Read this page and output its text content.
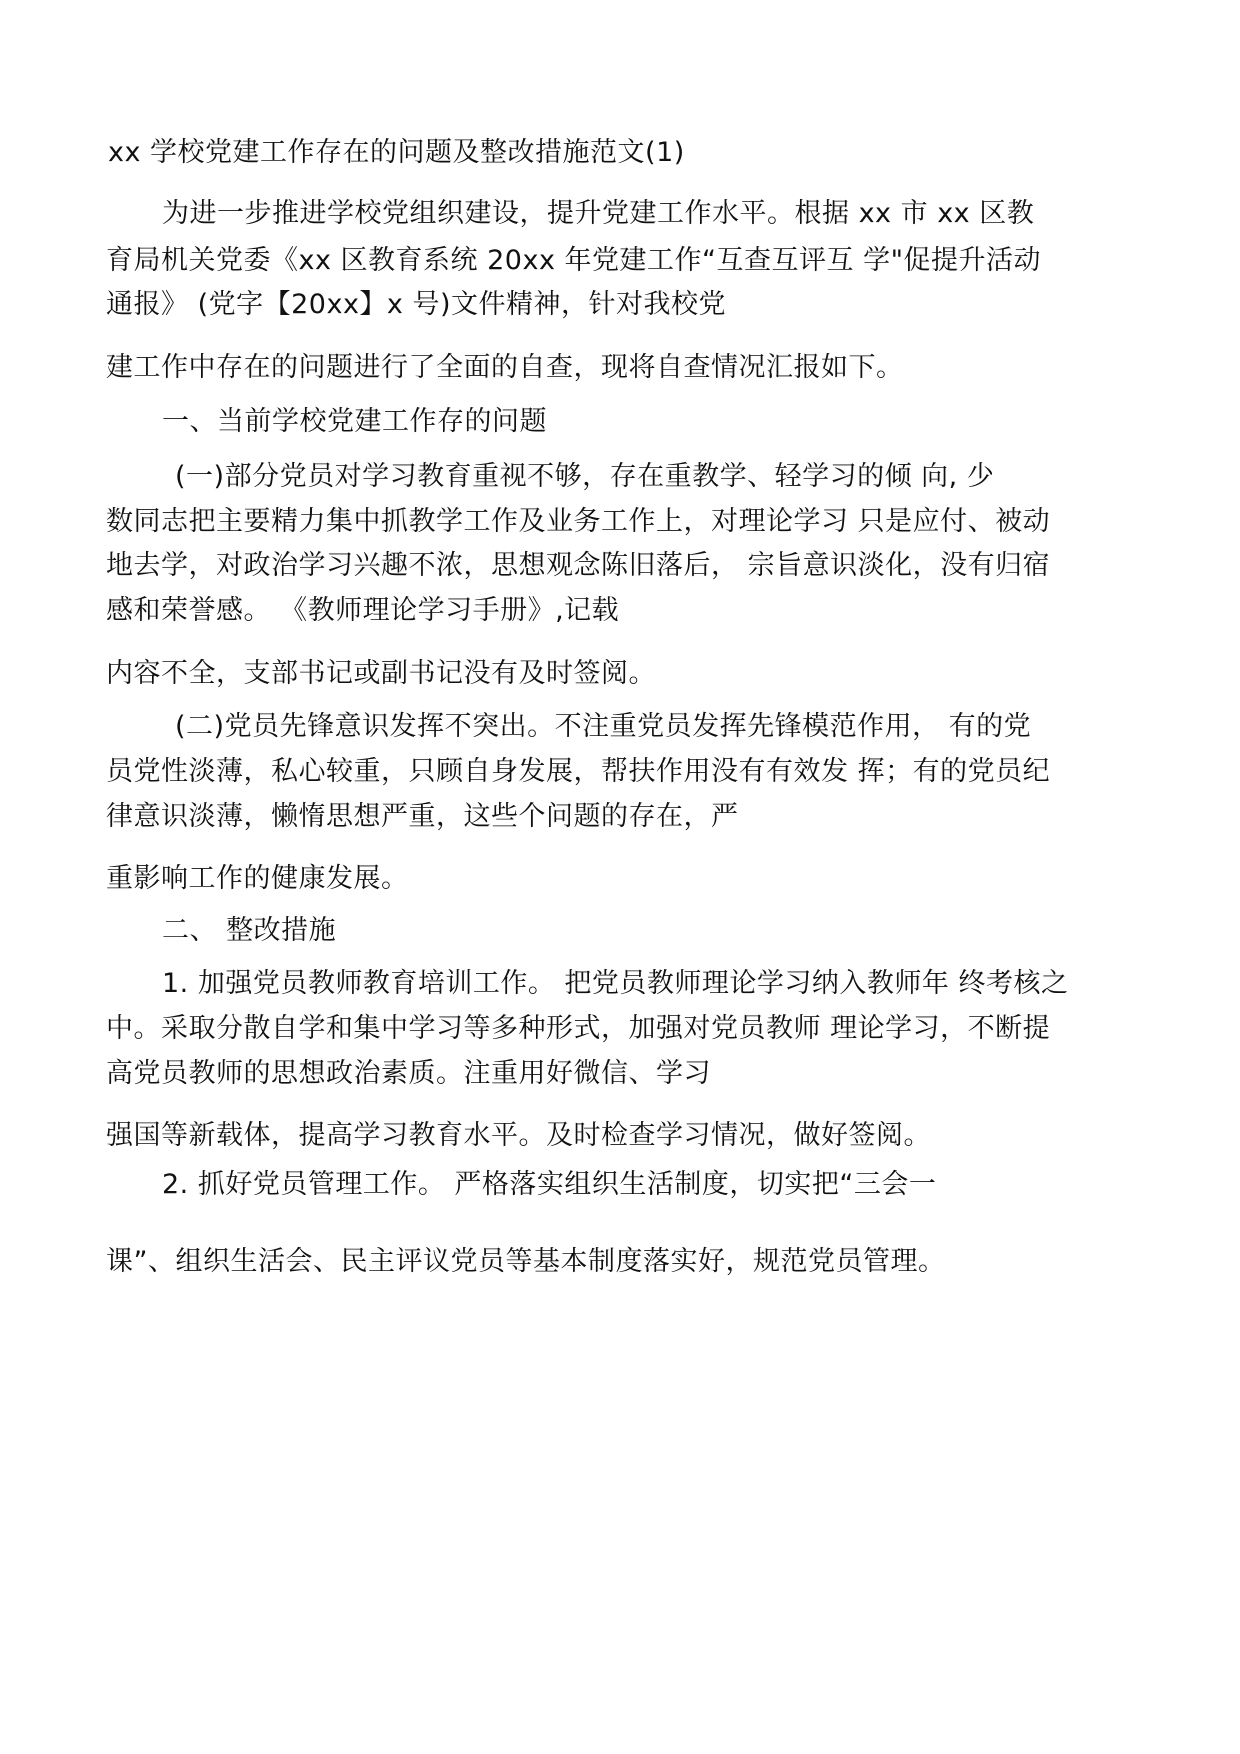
xx 学校党建工作存在的问题及整改措施范文(1)
为进一步推进学校党组织建设，提升党建工作水平。根据 xx 市 xx 区教
育局机关党委《xx 区教育系统 20xx 年党建工作“互查互评互 学"促提升活动
通报》 (党字【20xx】x 号)文件精神，针对我校党
建工作中存在的问题进行了全面的自查，现将自查情况汇报如下。
一、当前学校党建工作存的问题
(一)部分党员对学习教育重视不够，存在重教学、轻学习的倾 向, 少
数同志把主要精力集中抓教学工作及业务工作上，对理论学习 只是应付、被动
地去学，对政治学习兴趣不浓，思想观念陈旧落后， 宗旨意识淡化，没有归宿
感和荣誉感。 《教师理论学习手册》,记载
内容不全，支部书记或副书记没有及时签阅。
(二)党员先锋意识发挥不突出。不注重党员发挥先锋模范作用， 有的党
员党性淡薄，私心较重，只顾自身发展，帮扶作用没有有效发 挥；有的党员纪
律意识淡薄，懒惰思想严重，这些个问题的存在，严
重影响工作的健康发展。
二、 整改措施
1. 加强党员教师教育培训工作。 把党员教师理论学习纳入教师年 终考核之
中。采取分散自学和集中学习等多种形式，加强对党员教师 理论学习，不断提
高党员教师的思想政治素质。注重用好微信、学习
强国等新载体，提高学习教育水平。及时检查学习情况，做好签阅。
2. 抓好党员管理工作。 严格落实组织生活制度，切实把“三会一
课”、组织生活会、民主评议党员等基本制度落实好，规范党员管理。
